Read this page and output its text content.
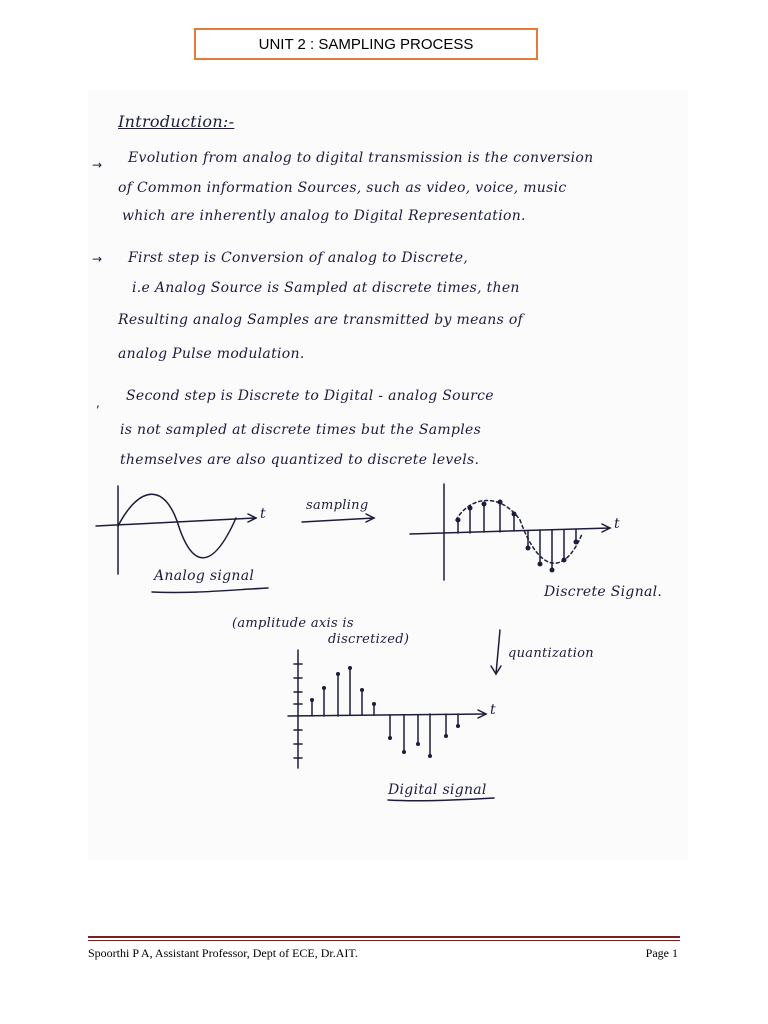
UNIT 2 : SAMPLING PROCESS
Introduction:-
→ Evolution from analog to digital transmission is the conversion
of Common information Sources, such as video, voice, music
which are inherently analog to Digital Representation.
→ First step is Conversion of analog to Discrete,
i.e Analog Source is Sampled at discrete times, then
Resulting analog Samples are transmitted by means of
analog Pulse modulation.
, Second step is Discrete to Digital - analog Source
is not sampled at discrete times but the Samples
themselves are also quantized to discrete levels.
t
sampling
t
Analog signal
Discrete Signal.
(amplitude axis is
discretized)
quantization
t
Digital signal
Spoorthi P A, Assistant Professor, Dept of ECE, Dr.AIT.	Page 1
